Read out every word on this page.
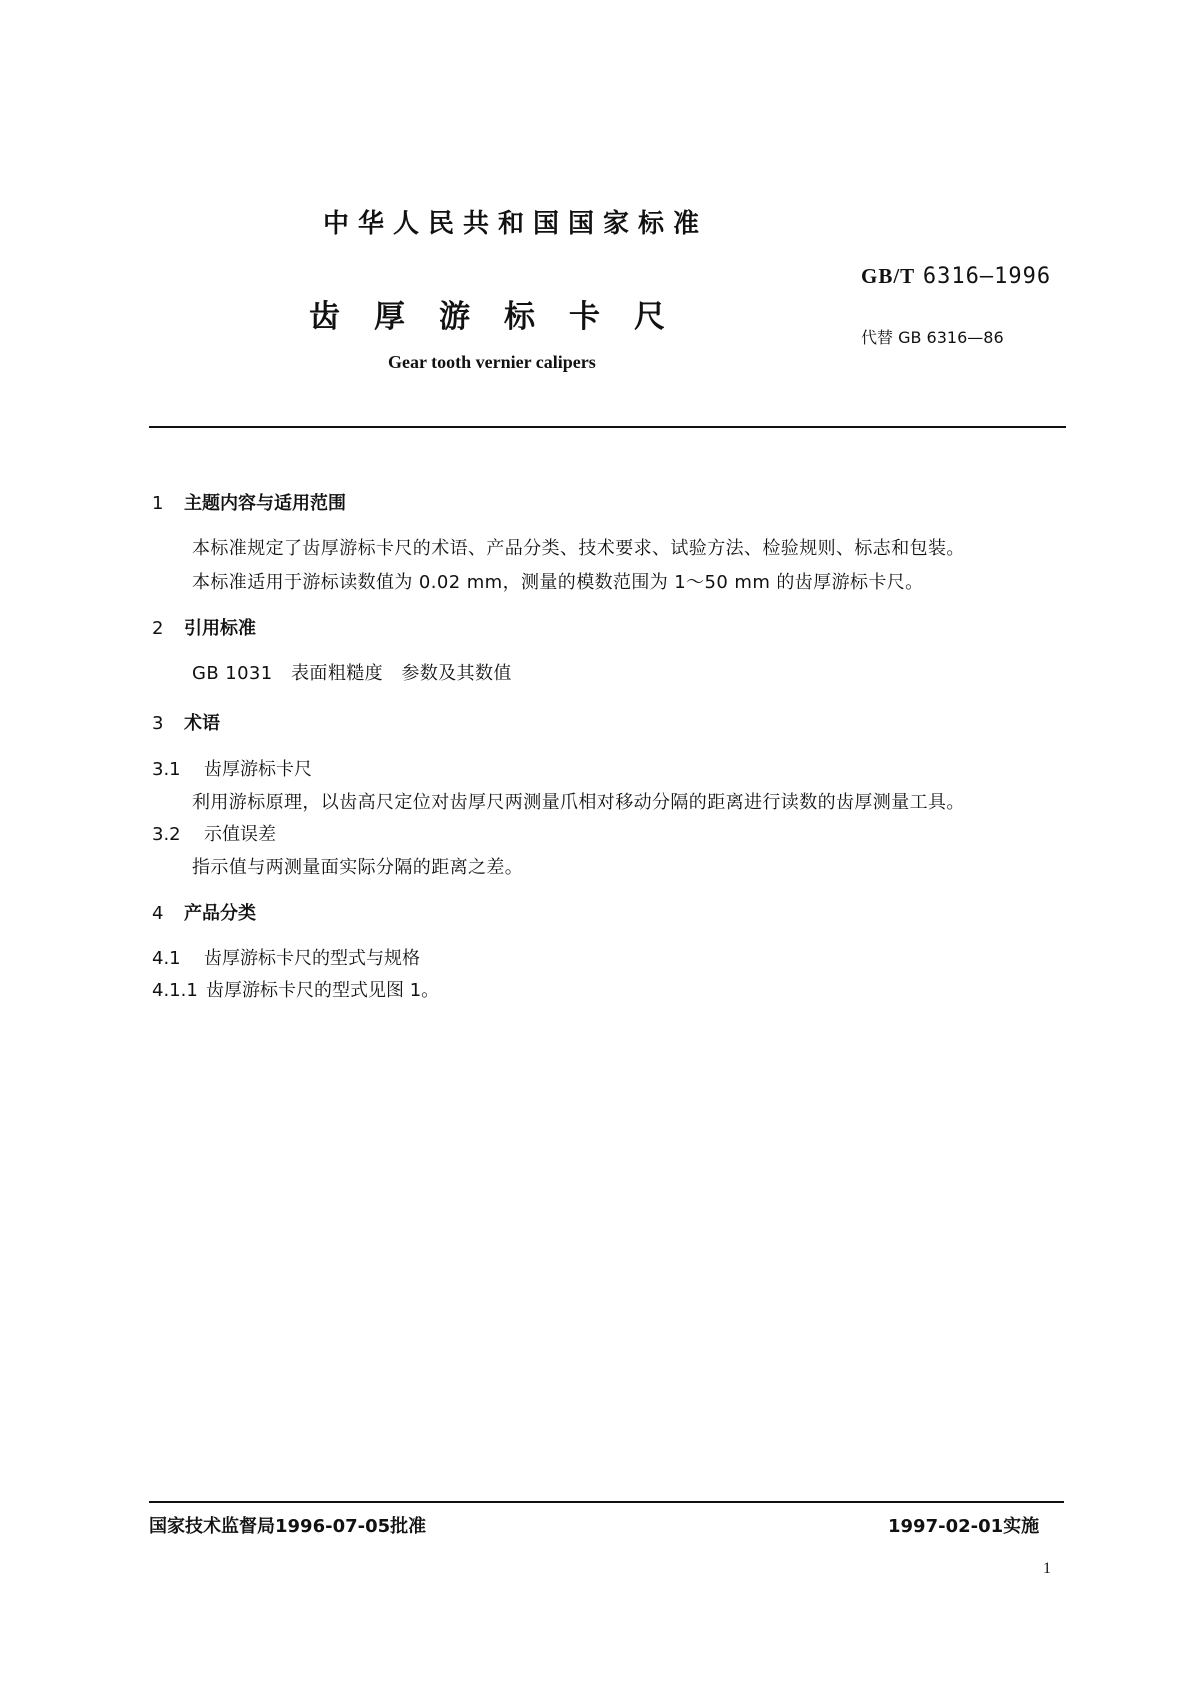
中华人民共和国国家标准
GB/T 6316—1996
齿厚游标卡尺
代替 GB 6316—86
Gear tooth vernier calipers
1 主题内容与适用范围
本标准规定了齿厚游标卡尺的术语、产品分类、技术要求、试验方法、检验规则、标志和包装。
本标准适用于游标读数值为 0.02 mm，测量的模数范围为 1～50 mm 的齿厚游标卡尺。
2 引用标准
GB 1031　表面粗糙度　参数及其数值
3 术语
3.1 齿厚游标卡尺
利用游标原理，以齿高尺定位对齿厚尺两测量爪相对移动分隔的距离进行读数的齿厚测量工具。
3.2 示值误差
指示值与两测量面实际分隔的距离之差。
4 产品分类
4.1 齿厚游标卡尺的型式与规格
4.1.1 齿厚游标卡尺的型式见图 1。
国家技术监督局1996-07-05批准	1997-02-01实施
1
